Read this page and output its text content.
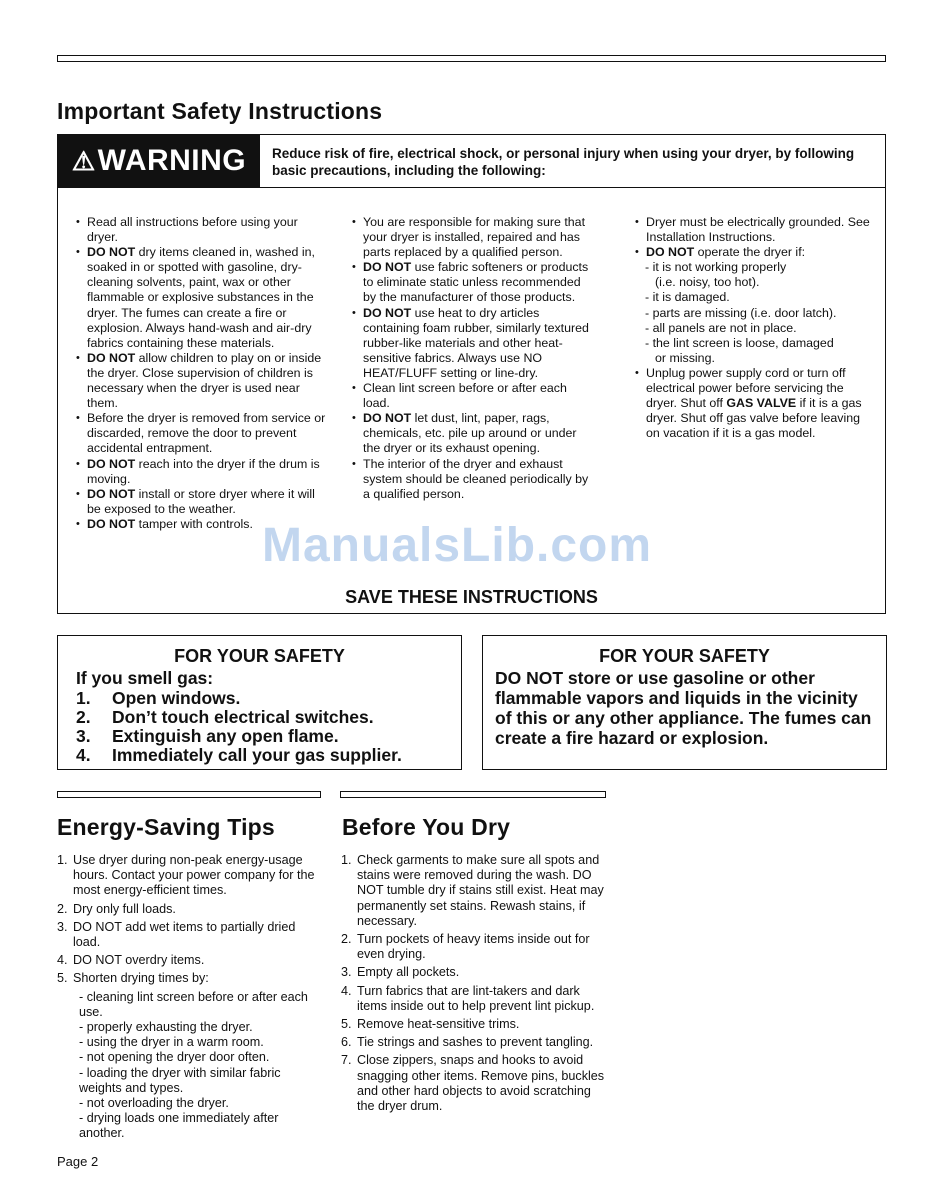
Important Safety Instructions
⚠ WARNING Reduce risk of fire, electrical shock, or personal injury when using your dryer, by following basic precautions, including the following:
• Read all instructions before using your dryer.
• DO NOT dry items cleaned in, washed in, soaked in or spotted with gasoline, dry-cleaning solvents, paint, wax or other flammable or explosive substances in the dryer. The fumes can create a fire or explosion. Always hand-wash and air-dry fabrics containing these materials.
• DO NOT allow children to play on or inside the dryer. Close supervision of children is necessary when the dryer is used near them.
• Before the dryer is removed from service or discarded, remove the door to prevent accidental entrapment.
• DO NOT reach into the dryer if the drum is moving.
• DO NOT install or store dryer where it will be exposed to the weather.
• DO NOT tamper with controls.
• You are responsible for making sure that your dryer is installed, repaired and has parts replaced by a qualified person.
• DO NOT use fabric softeners or products to eliminate static unless recommended by the manufacturer of those products.
• DO NOT use heat to dry articles containing foam rubber, similarly textured rubber-like materials and other heat-sensitive fabrics. Always use NO HEAT/FLUFF setting or line-dry.
• Clean lint screen before or after each load.
• DO NOT let dust, lint, paper, rags, chemicals, etc. pile up around or under the dryer or its exhaust opening.
• The interior of the dryer and exhaust system should be cleaned periodically by a qualified person.
• Dryer must be electrically grounded. See Installation Instructions.
• DO NOT operate the dryer if:
- it is not working properly
(i.e. noisy, too hot).
- it is damaged.
- parts are missing (i.e. door latch).
- all panels are not in place.
- the lint screen is loose, damaged
or missing.
• Unplug power supply cord or turn off electrical power before servicing the dryer. Shut off GAS VALVE if it is a gas dryer. Shut off gas valve before leaving on vacation if it is a gas model.
SAVE THESE INSTRUCTIONS
FOR YOUR SAFETY
If you smell gas:
1. Open windows.
2. Don’t touch electrical switches.
3. Extinguish any open flame.
4. Immediately call your gas supplier.
FOR YOUR SAFETY
DO NOT store or use gasoline or other flammable vapors and liquids in the vicinity of this or any other appliance. The fumes can create a fire hazard or explosion.
Energy-Saving Tips	Before You Dry
1. Use dryer during non-peak energy-usage hours. Contact your power company for the most energy-efficient times.
2. Dry only full loads.
3. DO NOT add wet items to partially dried load.
4. DO NOT overdry items.
5. Shorten drying times by:
- cleaning lint screen before or after each use.
- properly exhausting the dryer.
- using the dryer in a warm room.
- not opening the dryer door often.
- loading the dryer with similar fabric weights and types.
- not overloading the dryer.
- drying loads one immediately after another.
1. Check garments to make sure all spots and stains were removed during the wash. DO NOT tumble dry if stains still exist. Heat may permanently set stains. Rewash stains, if necessary.
2. Turn pockets of heavy items inside out for even drying.
3. Empty all pockets.
4. Turn fabrics that are lint-takers and dark items inside out to help prevent lint pickup.
5. Remove heat-sensitive trims.
6. Tie strings and sashes to prevent tangling.
7. Close zippers, snaps and hooks to avoid snagging other items. Remove pins, buckles and other hard objects to avoid scratching the dryer drum.
ManualsLib.com
Page 2
